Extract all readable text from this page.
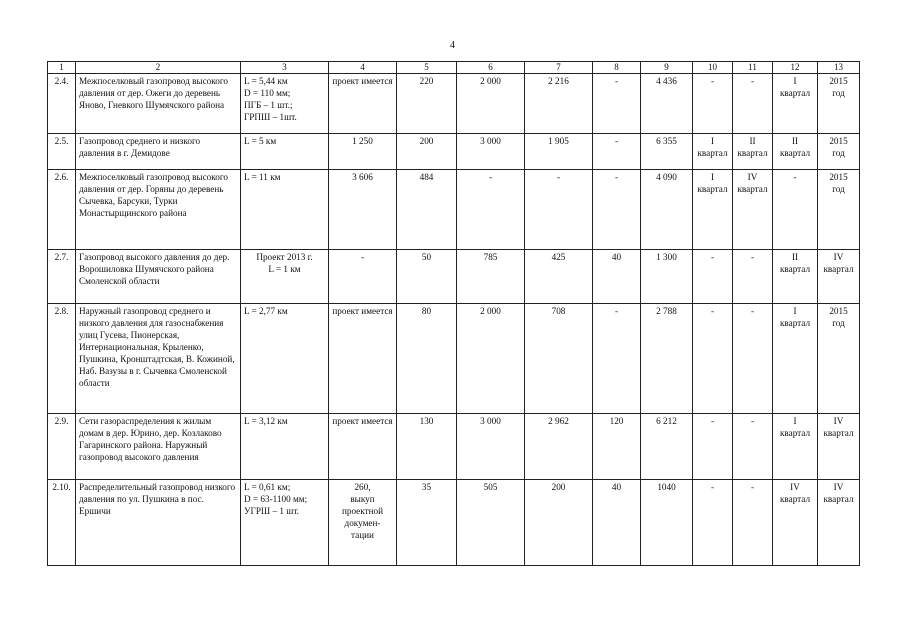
4
1	2	3	4	5	6	7	8	9	10	11	12	13
2.4.	Межпоселковый газопровод высокого давления от дер. Ожеги до деревень Яново, Гневкого Шумячского района	L = 5,44 км
D = 110 мм;
ПГБ – 1 шт.;
ГРПШ – 1шт.	проект имеется	220	2 000	2 216	-	4 436	-	-	I
квартал	2015
год
2.5.	Газопровод среднего и низкого давления в г. Демидове	L = 5 км	1 250	200	3 000	1 905	-	6 355	I
квартал	II
квартал	II
квартал	2015
год
2.6.	Межпоселковый газопровод высокого давления от дер. Горяны до деревень Сычевка, Барсуки, Турки Монастырщинского района	L = 11 км	3 606	484	-	-	-	4 090	I
квартал	IV
квартал	-	2015
год
2.7.	Газопровод высокого давления до дер. Ворошиловка Шумячского района Смоленской области	Проект 2013 г.
L = 1 км	-	50	785	425	40	1 300	-	-	II
квартал	IV
квартал
2.8.	Наружный газопровод среднего и низкого давления для газоснабжения улиц Гусева, Пионерская, Интернациональная, Крыленко, Пушкина, Кронштадтская, В. Кожиной, Наб. Вазузы в г. Сычевка Смоленской области	L = 2,77 км	проект имеется	80	2 000	708	-	2 788	-	-	I
квартал	2015
год
2.9.	Сети газораспределения к жилым домам в дер. Юрино, дер. Козлаково Гагаринского района. Наружный газопровод высокого давления	L = 3,12 км	проект имеется	130	3 000	2 962	120	6 212	-	-	I
квартал	IV
квартал
2.10.	Распределительный газопровод низкого давления по ул. Пушкина в пос. Ершичи	L = 0,61 км;
D = 63-1100 мм;
УГРШ – 1 шт.	260,
выкуп проектной докумен-
тации	35	505	200	40	1040	-	-	IV
квартал	IV
квартал
